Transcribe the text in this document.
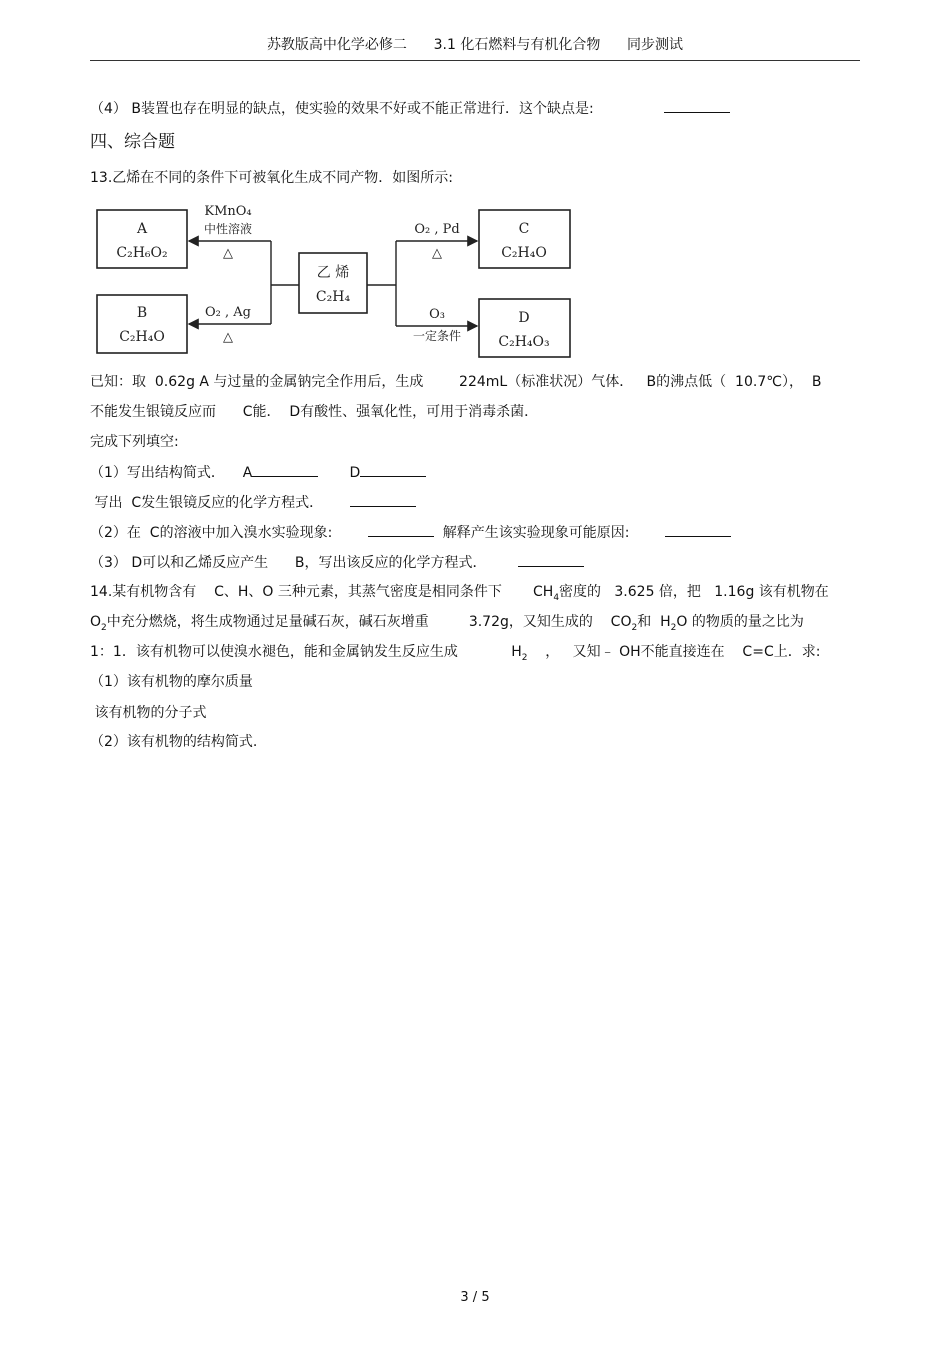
苏教版高中化学必修二      3.1 化石燃料与有机化合物      同步测试
（4） B装置也存在明显的缺点，使实验的效果不好或不能正常进行．这个缺点是:
四、综合题
13.乙烯在不同的条件下可被氧化生成不同产物．如图所示:
A
C₂H₆O₂
B
C₂H₄O
乙 烯
C₂H₄
C
C₂H₄O
D
C₂H₄O₃
KMnO₄
中性溶液
△
O₂ , Ag
△
O₂ , Pd
△
O₃
一定条件
已知：取  0.62g A 与过量的金属钠完全作用后，生成        224mL（标准状况）气体．   B的沸点低（  10.7℃），  B
不能发生银镜反应而      C能．  D有酸性、强氧化性，可用于消毒杀菌．
完成下列填空:
（1）写出结构简式．    A	D
写出  C发生银镜反应的化学方程式．
（2）在  C的溶液中加入溴水实验现象:	解释产生该实验现象可能原因:
（3） D可以和乙烯反应产生      B，写出该反应的化学方程式．
14.某有机物含有    C、H、O 三种元素，其蒸气密度是相同条件下       $CH_4$密度的   3.625 倍，把   1.16g 该有机物在
$O_2$中充分燃烧，将生成物通过足量碱石灰，碱石灰增重         3.72g，又知生成的    $CO_2$和  $H_2O$ 的物质的量之比为
1：1．该有机物可以使溴水褪色，能和金属钠发生反应生成            $H_2$    ，   又知﹣ OH不能直接连在    C=C上．求:
（1）该有机物的摩尔质量
该有机物的分子式
（2）该有机物的结构简式.
3 / 5
